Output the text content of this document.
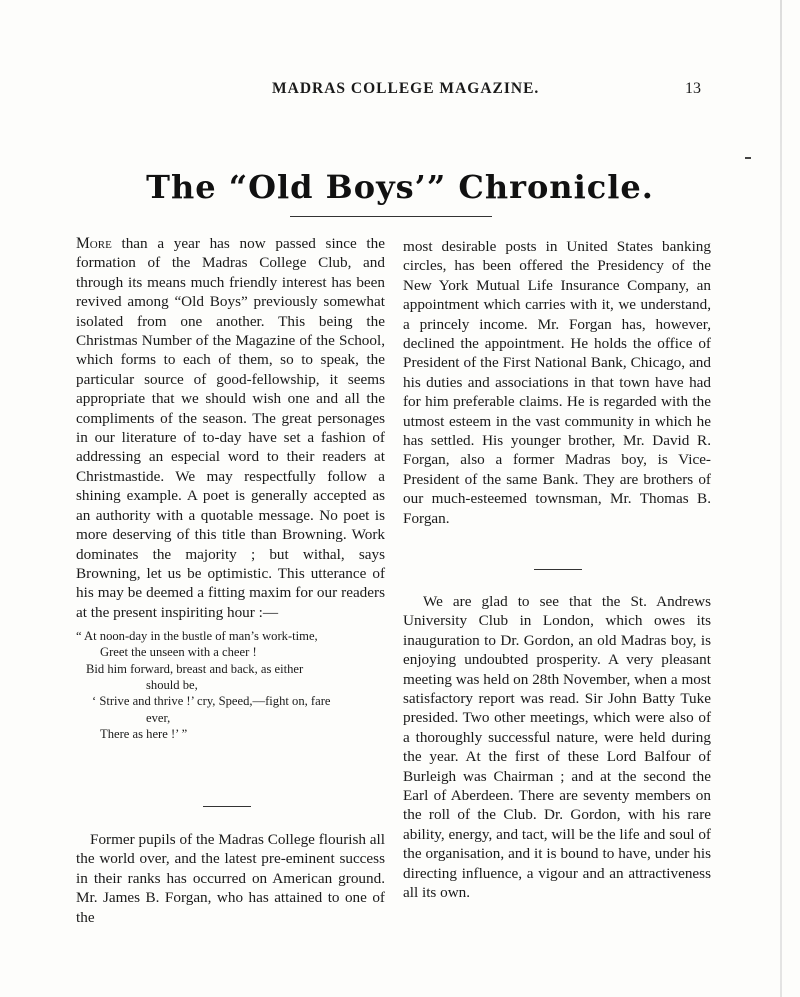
MADRAS COLLEGE MAGAZINE.	13
The “Old Boys’” Chronicle.

More than a year has now passed since the formation of the Madras College Club, and through its means much friendly interest has been revived among “Old Boys” previously somewhat isolated from one another. This being the Christmas Number of the Magazine of the School, which forms to each of them, so to speak, the particular source of good-fellowship, it seems appropriate that we should wish one and all the compliments of the season. The great personages in our literature of to-day have set a fashion of addressing an especial word to their readers at Christmastide. We may respectfully follow a shining example. A poet is generally accepted as an authority with a quotable message. No poet is more deserving of this title than Browning. Work dominates the majority ; but withal, says Browning, let us be optimistic. This utterance of his may be deemed a fitting maxim for our readers at the present inspiriting hour :—

“ At noon-day in the bustle of man’s work-time,
Greet the unseen with a cheer !
Bid him forward, breast and back, as either
should be,
‘ Strive and thrive !’ cry, Speed,—fight on, fare
ever,
There as here !’ ”

Former pupils of the Madras College flourish all the world over, and the latest pre-eminent success in their ranks has occurred on American ground. Mr. James B. Forgan, who has attained to one of the

most desirable posts in United States banking circles, has been offered the Presidency of the New York Mutual Life Insurance Company, an appointment which carries with it, we understand, a princely income. Mr. Forgan has, however, declined the appointment. He holds the office of President of the First National Bank, Chicago, and his duties and associations in that town have had for him preferable claims. He is regarded with the utmost esteem in the vast community in which he has settled. His younger brother, Mr. David R. Forgan, also a former Madras boy, is Vice-President of the same Bank. They are brothers of our much-esteemed townsman, Mr. Thomas B. Forgan.

We are glad to see that the St. Andrews University Club in London, which owes its inauguration to Dr. Gordon, an old Madras boy, is enjoying undoubted prosperity. A very pleasant meeting was held on 28th November, when a most satisfactory report was read. Sir John Batty Tuke presided. Two other meetings, which were also of a thoroughly successful nature, were held during the year. At the first of these Lord Balfour of Burleigh was Chairman ; and at the second the Earl of Aberdeen. There are seventy members on the roll of the Club. Dr. Gordon, with his rare ability, energy, and tact, will be the life and soul of the organisation, and it is bound to have, under his directing influence, a vigour and an attractiveness all its own.
